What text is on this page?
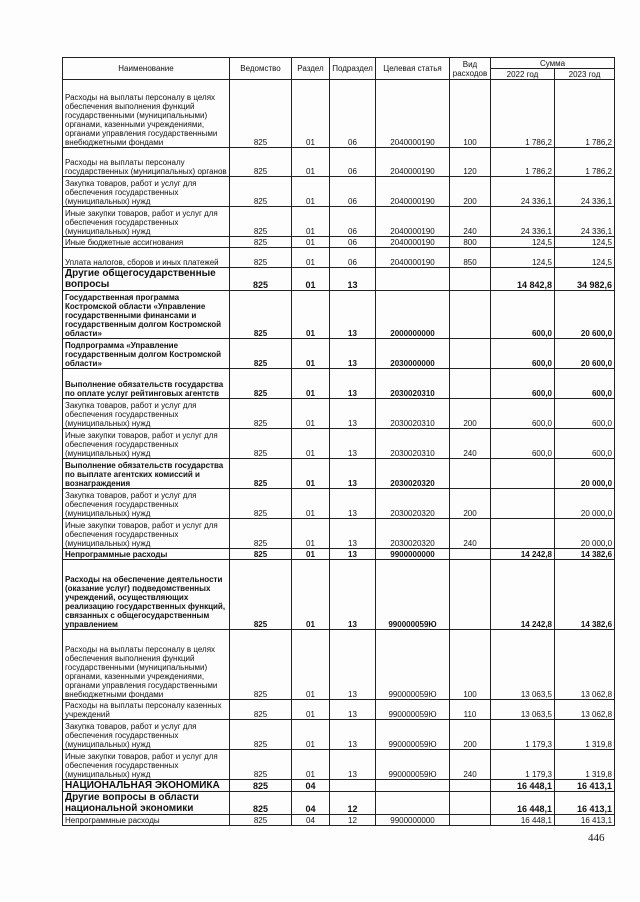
Наименование	Ведомство	Раздел	Подраздел	Целевая статья	Вид расходов	Сумма	
						2022 год	2023 год
Расходы на выплаты персоналу в целях обеспечения выполнения функций государственными (муниципальными) органами, казенными учреждениями, органами управления государственными внебюджетными фондами	825	01	06	2040000190	100	1 786,2	1 786,2
Расходы на выплаты персоналу государственных (муниципальных) органов	825	01	06	2040000190	120	1 786,2	1 786,2
Закупка товаров, работ и услуг для обеспечения государственных (муниципальных) нужд	825	01	06	2040000190	200	24 336,1	24 336,1
Иные закупки товаров, работ и услуг для обеспечения государственных (муниципальных) нужд	825	01	06	2040000190	240	24 336,1	24 336,1
Иные бюджетные ассигнования	825	01	06	2040000190	800	124,5	124,5
Уплата налогов, сборов и иных платежей	825	01	06	2040000190	850	124,5	124,5
Другие общегосударственные вопросы	825	01	13			14 842,8	34 982,6
Государственная программа Костромской области «Управление государственными финансами и государственным долгом Костромской области»	825	01	13	2000000000		600,0	20 600,0
Подпрограмма «Управление государственным долгом Костромской области»	825	01	13	2030000000		600,0	20 600,0
Выполнение обязательств государства по оплате услуг рейтинговых агентств	825	01	13	2030020310		600,0	600,0
Закупка товаров, работ и услуг для обеспечения государственных (муниципальных) нужд	825	01	13	2030020310	200	600,0	600,0
Иные закупки товаров, работ и услуг для обеспечения государственных (муниципальных) нужд	825	01	13	2030020310	240	600,0	600,0
Выполнение обязательств государства по выплате агентских комиссий и вознаграждения	825	01	13	2030020320			20 000,0
Закупка товаров, работ и услуг для обеспечения государственных (муниципальных) нужд	825	01	13	2030020320	200		20 000,0
Иные закупки товаров, работ и услуг для обеспечения государственных (муниципальных) нужд	825	01	13	2030020320	240		20 000,0
Непрограммные расходы	825	01	13	9900000000		14 242,8	14 382,6
Расходы на обеспечение деятельности (оказание услуг) подведомственных учреждений, осуществляющих реализацию государственных функций, связанных с общегосударственным управлением	825	01	13	990000059Ю		14 242,8	14 382,6
Расходы на выплаты персоналу в целях обеспечения выполнения функций государственными (муниципальными) органами, казенными учреждениями, органами управления государственными внебюджетными фондами	825	01	13	990000059Ю	100	13 063,5	13 062,8
Расходы на выплаты персоналу казенных учреждений	825	01	13	990000059Ю	110	13 063,5	13 062,8
Закупка товаров, работ и услуг для обеспечения государственных (муниципальных) нужд	825	01	13	990000059Ю	200	1 179,3	1 319,8
Иные закупки товаров, работ и услуг для обеспечения государственных (муниципальных) нужд	825	01	13	990000059Ю	240	1 179,3	1 319,8
НАЦИОНАЛЬНАЯ ЭКОНОМИКА	825	04				16 448,1	16 413,1
Другие вопросы в области национальной экономики	825	04	12			16 448,1	16 413,1
Непрограммные расходы	825	04	12	9900000000		16 448,1	16 413,1
446
